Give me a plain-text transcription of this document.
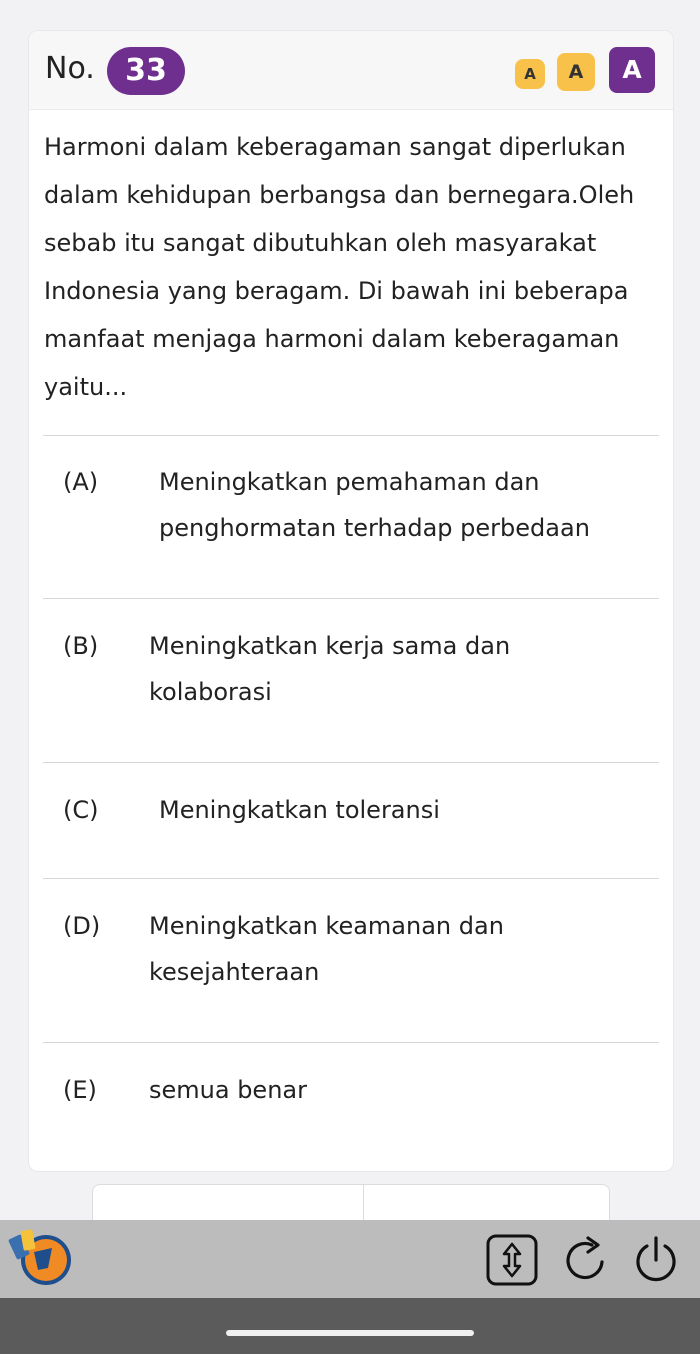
No.	33	A	A	A
Harmoni dalam keberagaman sangat diperlukan dalam kehidupan berbangsa dan bernegara.Oleh sebab itu sangat dibutuhkan oleh masyarakat Indonesia yang beragam. Di bawah ini beberapa manfaat menjaga harmoni dalam keberagaman yaitu...
(A)	Meningkatkan pemahaman dan penghormatan terhadap perbedaan
(B) Meningkatkan kerja sama dan kolaborasi
(C)	Meningkatkan toleransi
(D) Meningkatkan keamanan dan kesejahteraan
(E) semua benar
